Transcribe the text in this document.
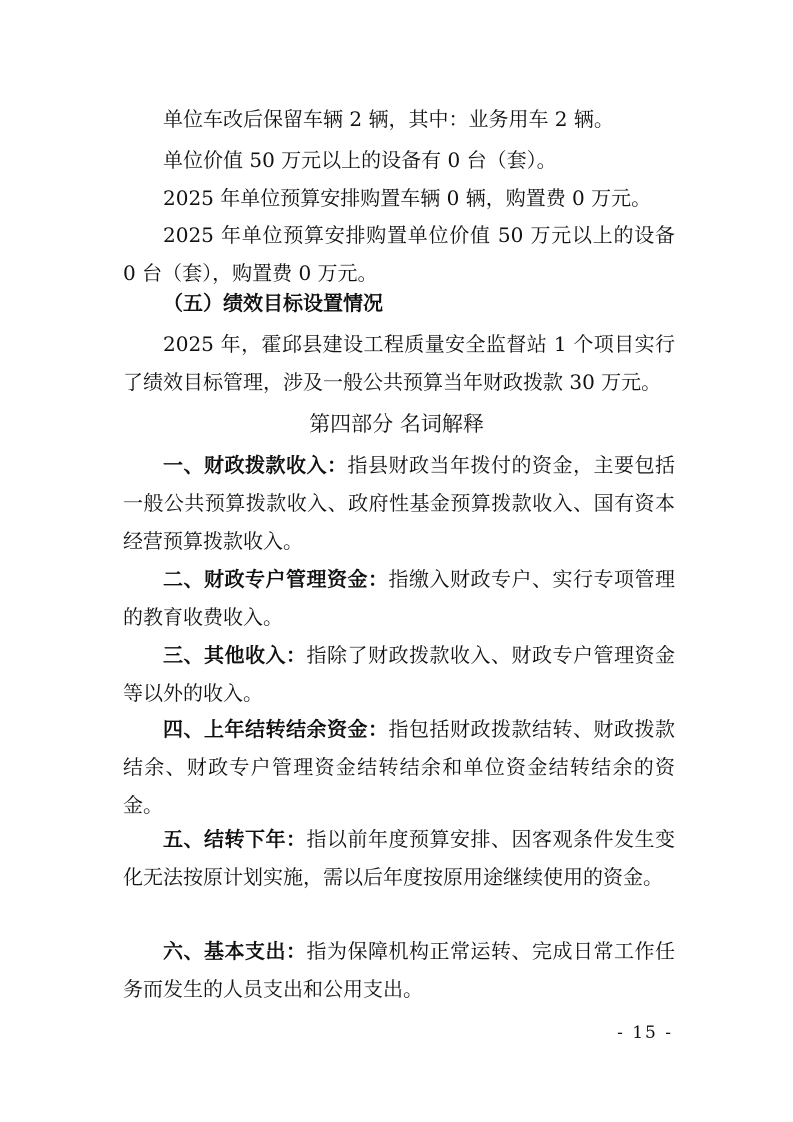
单位车改后保留车辆 2 辆，其中：业务用车 2 辆。

单位价值 50 万元以上的设备有 0 台（套）。

2025 年单位预算安排购置车辆 0 辆，购置费 0 万元。

2025 年单位预算安排购置单位价值 50 万元以上的设备 0 台（套），购置费 0 万元。

（五）绩效目标设置情况

2025 年，霍邱县建设工程质量安全监督站 1 个项目实行了绩效目标管理，涉及一般公共预算当年财政拨款 30 万元。

第四部分 名词解释

一、财政拨款收入：指县财政当年拨付的资金，主要包括一般公共预算拨款收入、政府性基金预算拨款收入、国有资本经营预算拨款收入。

二、财政专户管理资金：指缴入财政专户、实行专项管理的教育收费收入。

三、其他收入：指除了财政拨款收入、财政专户管理资金等以外的收入。

四、上年结转结余资金：指包括财政拨款结转、财政拨款结余、财政专户管理资金结转结余和单位资金结转结余的资金。

五、结转下年：指以前年度预算安排、因客观条件发生变化无法按原计划实施，需以后年度按原用途继续使用的资金。

六、基本支出：指为保障机构正常运转、完成日常工作任务而发生的人员支出和公用支出。

- 15 -
